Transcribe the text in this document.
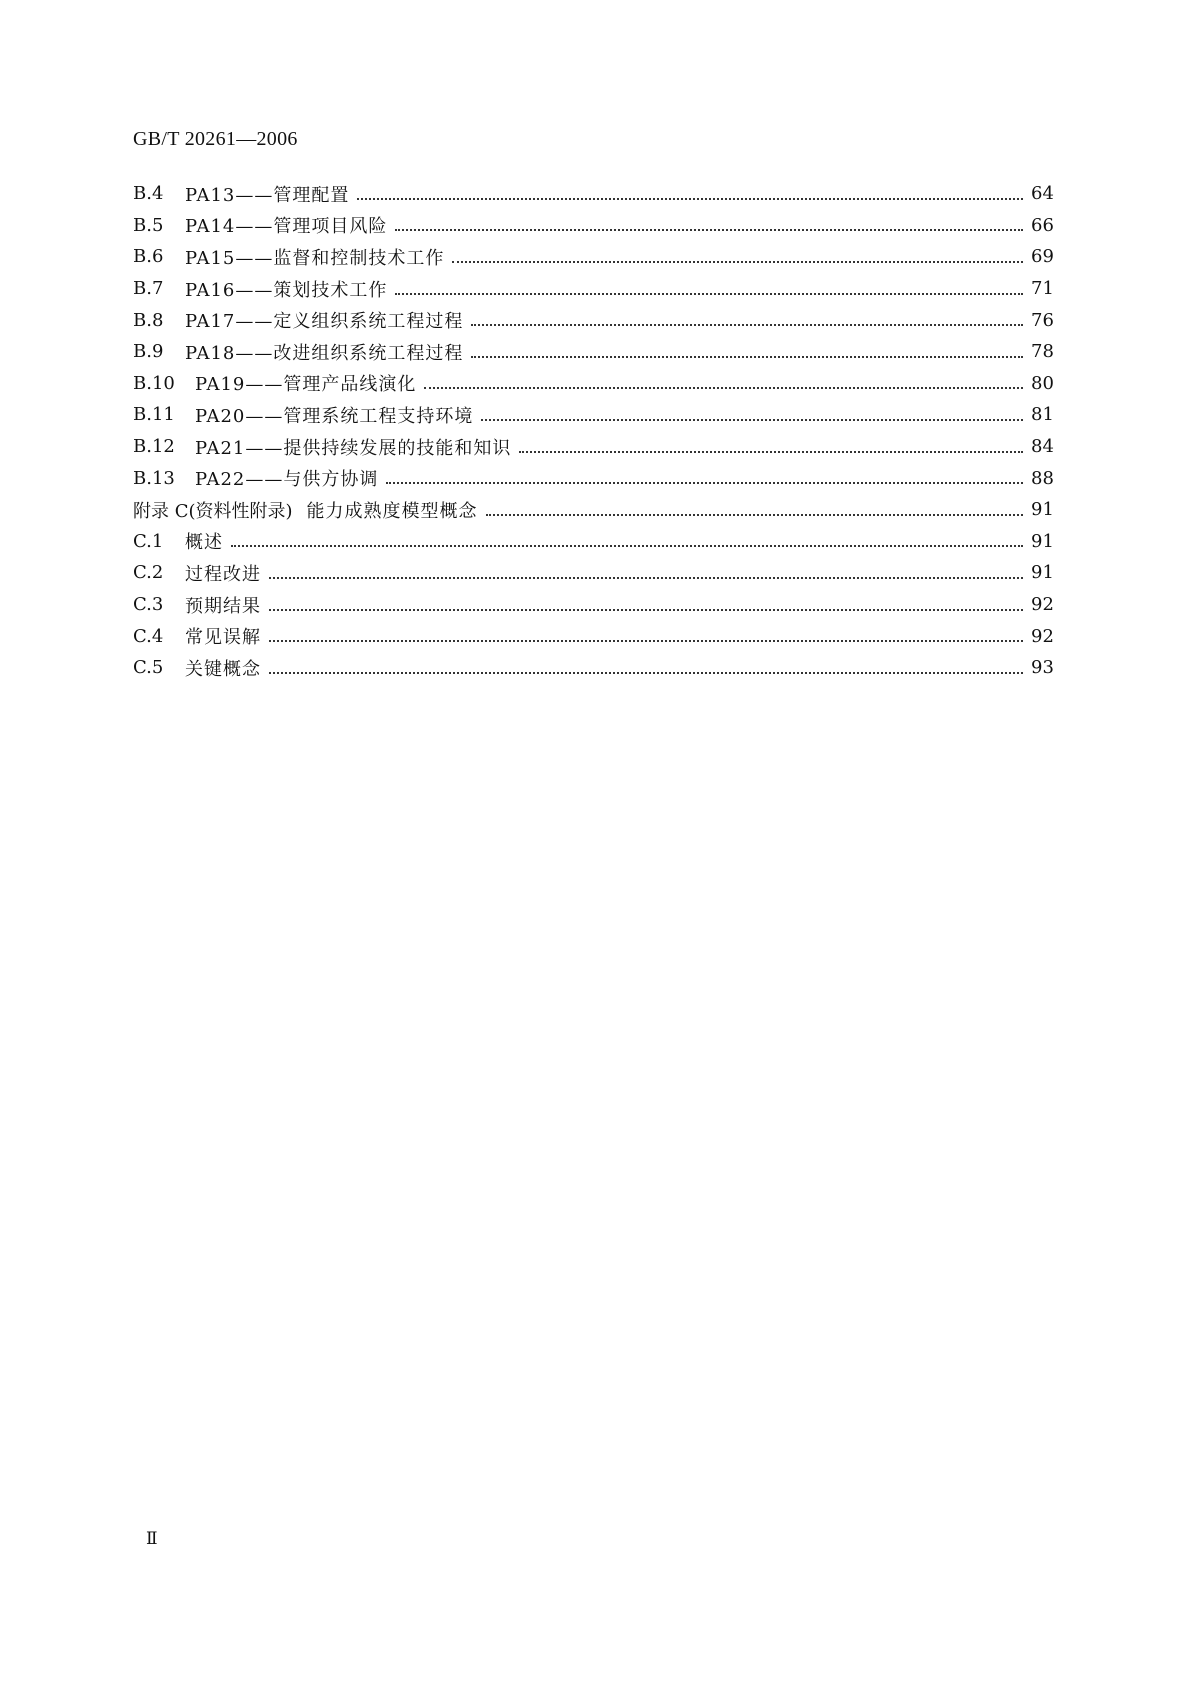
GB/T 20261—2006
B.4	PA13——管理配置	64
B.5	PA14——管理项目风险	66
B.6	PA15——监督和控制技术工作	69
B.7	PA16——策划技术工作	71
B.8	PA17——定义组织系统工程过程	76
B.9	PA18——改进组织系统工程过程	78
B.10	PA19——管理产品线演化	80
B.11	PA20——管理系统工程支持环境	81
B.12	PA21——提供持续发展的技能和知识	84
B.13	PA22——与供方协调	88
附录 C(资料性附录) 能力成熟度模型概念	91
C.1	概述	91
C.2	过程改进	91
C.3	预期结果	92
C.4	常见误解	92
C.5	关键概念	93
Ⅱ
